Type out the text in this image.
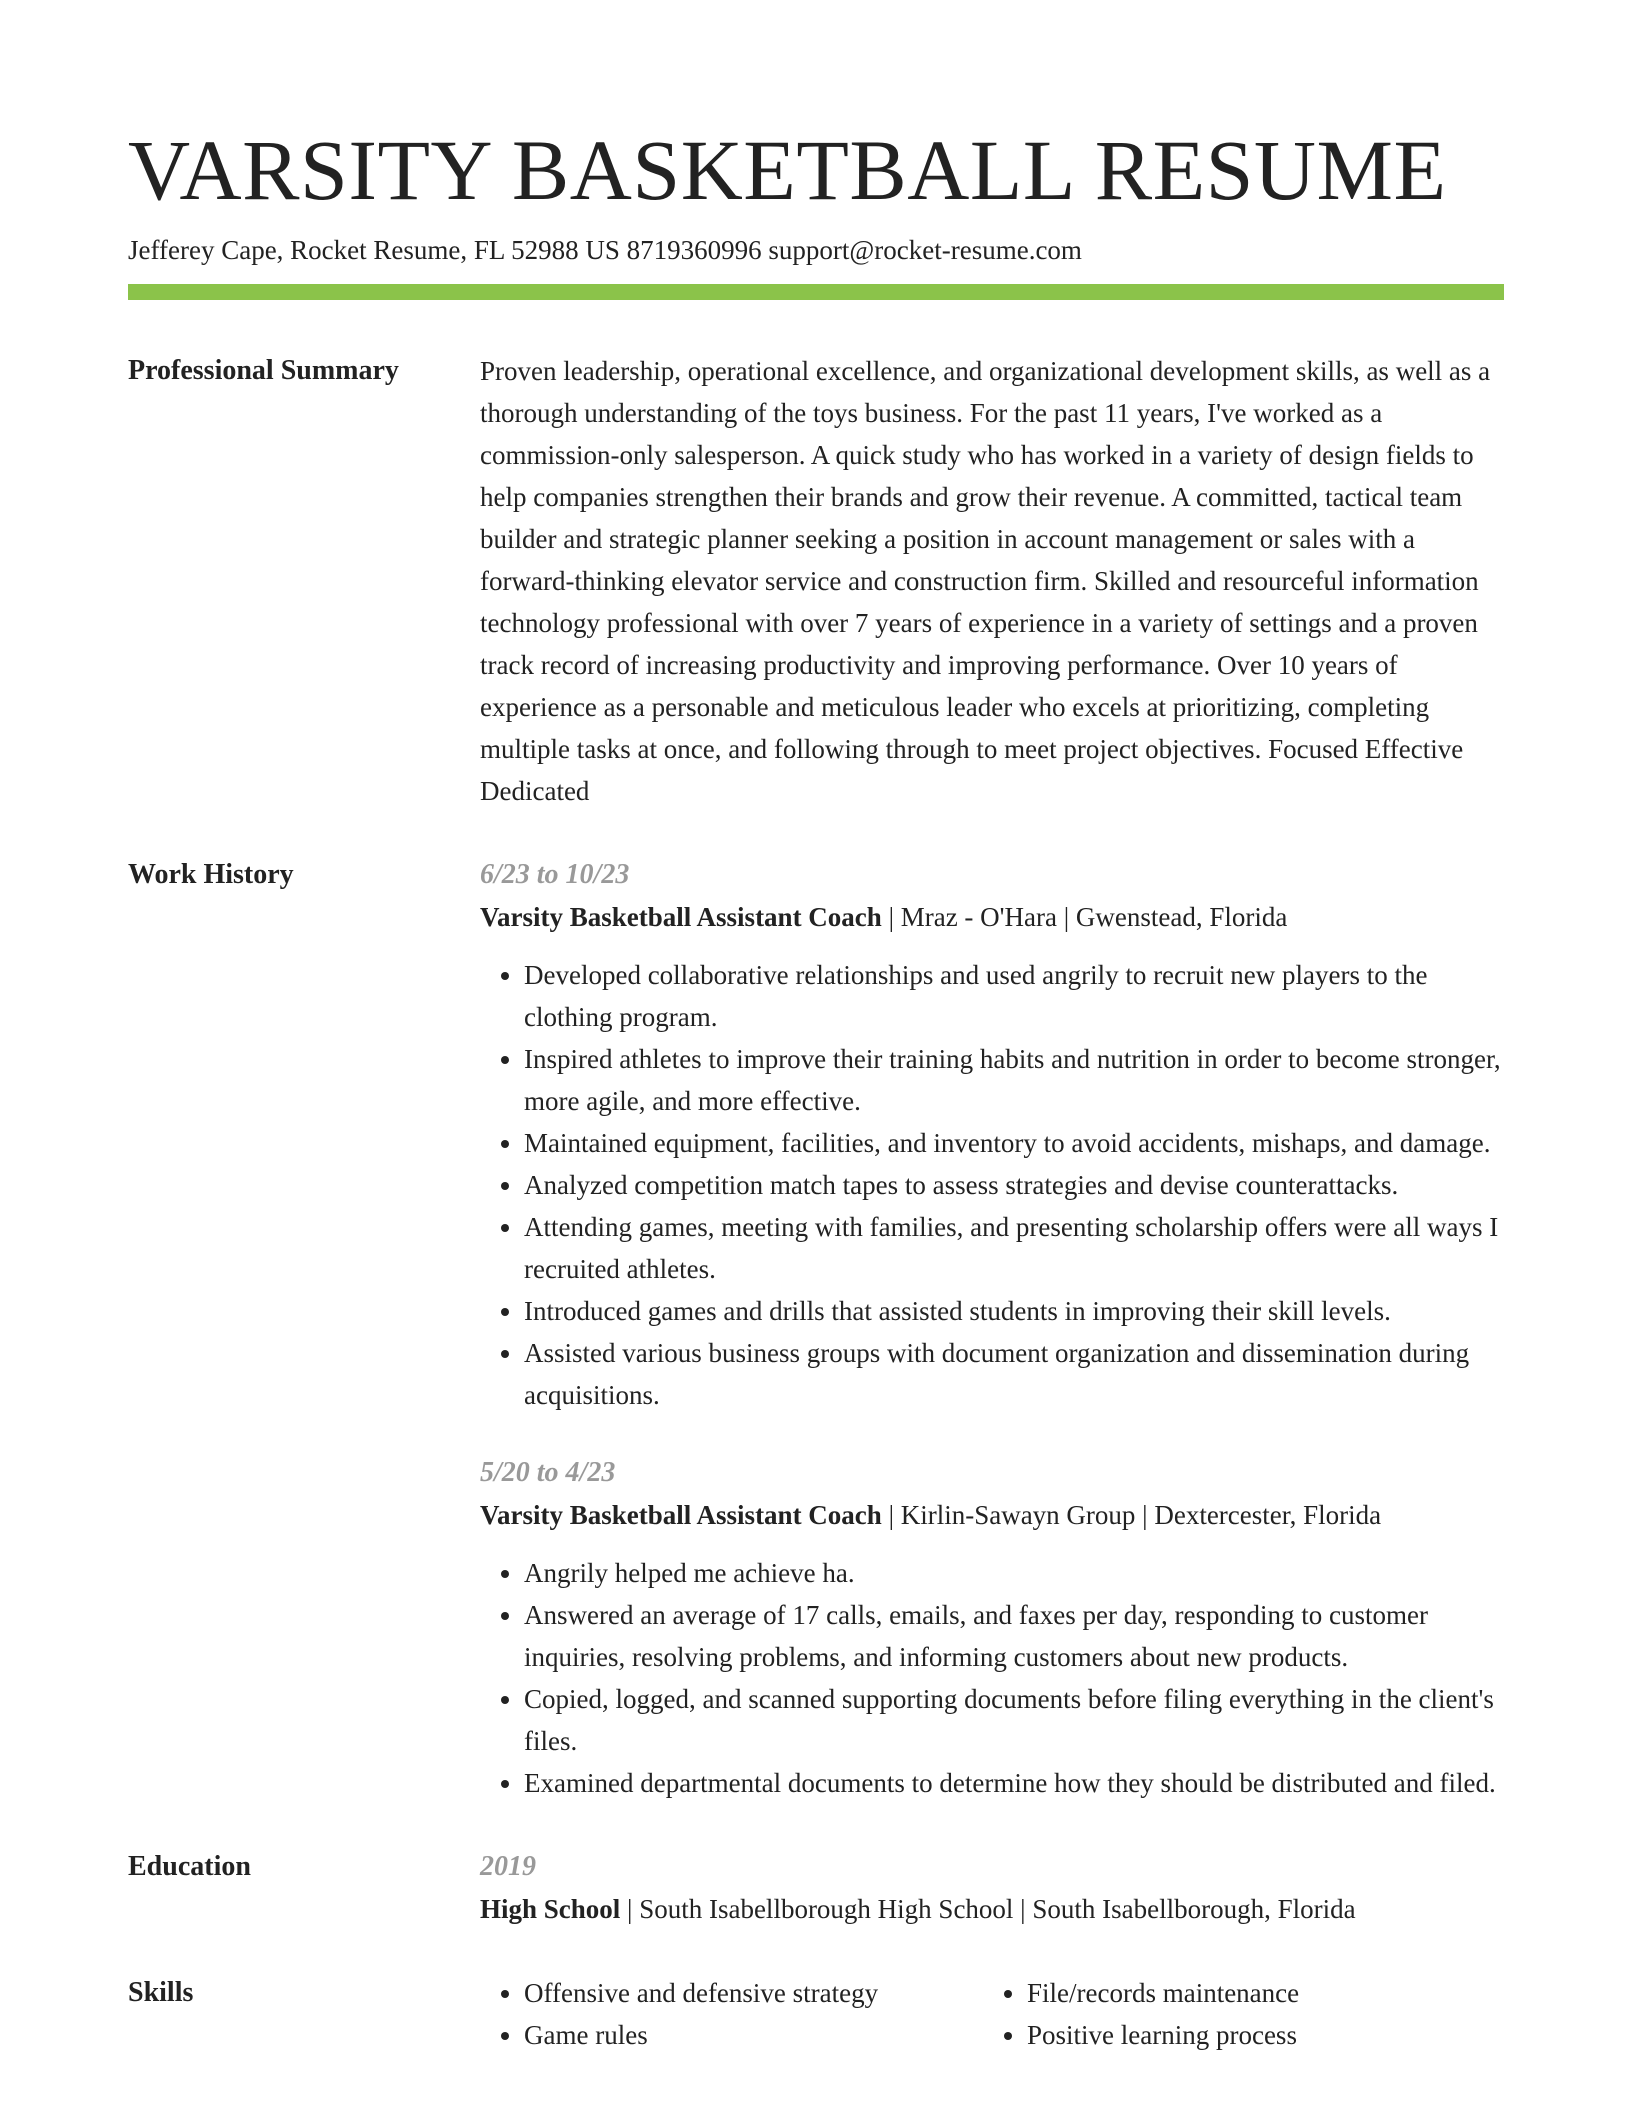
VARSITY BASKETBALL RESUME
Jefferey Cape, Rocket Resume, FL 52988 US 8719360996 support@rocket-resume.com
Professional Summary	Proven leadership, operational excellence, and organizational development skills, as well as a thorough understanding of the toys business. For the past 11 years, I've worked as a commission-only salesperson. A quick study who has worked in a variety of design fields to help companies strengthen their brands and grow their revenue. A committed, tactical team builder and strategic planner seeking a position in account management or sales with a forward-thinking elevator service and construction firm. Skilled and resourceful information technology professional with over 7 years of experience in a variety of settings and a proven track record of increasing productivity and improving performance. Over 10 years of experience as a personable and meticulous leader who excels at prioritizing, completing multiple tasks at once, and following through to meet project objectives. Focused Effective Dedicated

Work History	6/23 to 10/23
Varsity Basketball Assistant Coach | Mraz - O'Hara | Gwenstead, Florida
• Developed collaborative relationships and used angrily to recruit new players to the clothing program.
• Inspired athletes to improve their training habits and nutrition in order to become stronger, more agile, and more effective.
• Maintained equipment, facilities, and inventory to avoid accidents, mishaps, and damage.
• Analyzed competition match tapes to assess strategies and devise counterattacks.
• Attending games, meeting with families, and presenting scholarship offers were all ways I recruited athletes.
• Introduced games and drills that assisted students in improving their skill levels.
• Assisted various business groups with document organization and dissemination during acquisitions.
5/20 to 4/23
Varsity Basketball Assistant Coach | Kirlin-Sawayn Group | Dextercester, Florida
• Angrily helped me achieve ha.
• Answered an average of 17 calls, emails, and faxes per day, responding to customer inquiries, resolving problems, and informing customers about new products.
• Copied, logged, and scanned supporting documents before filing everything in the client's files.
• Examined departmental documents to determine how they should be distributed and filed.
Education	2019
High School | South Isabellborough High School | South Isabellborough, Florida
Skills
•	Offensive and defensive strategy
• Game rules
• File/records maintenance
• Positive learning process
